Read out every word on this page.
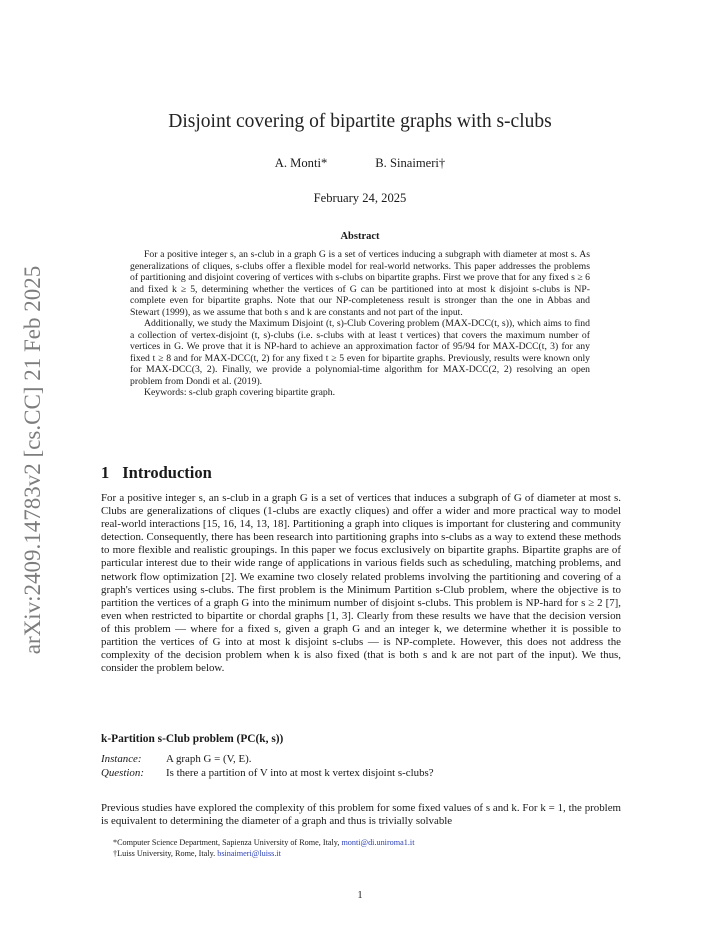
arXiv:2409.14783v2 [cs.CC] 21 Feb 2025
Disjoint covering of bipartite graphs with s-clubs
A. Monti*	B. Sinaimeri†
February 24, 2025
Abstract

For a positive integer s, an s-club in a graph G is a set of vertices inducing a subgraph with diameter at most s. As generalizations of cliques, s-clubs offer a flexible model for real-world networks. This paper addresses the problems of partitioning and disjoint covering of vertices with s-clubs on bipartite graphs. First we prove that for any fixed s ≥ 6 and fixed k ≥ 5, determining whether the vertices of G can be partitioned into at most k disjoint s-clubs is NP-complete even for bipartite graphs. Note that our NP-completeness result is stronger than the one in Abbas and Stewart (1999), as we assume that both s and k are constants and not part of the input.

Additionally, we study the Maximum Disjoint (t, s)-Club Covering problem (MAX-DCC(t, s)), which aims to find a collection of vertex-disjoint (t, s)-clubs (i.e. s-clubs with at least t vertices) that covers the maximum number of vertices in G. We prove that it is NP-hard to achieve an approximation factor of 95/94 for MAX-DCC(t, 3) for any fixed t ≥ 8 and for MAX-DCC(t, 2) for any fixed t ≥ 5 even for bipartite graphs. Previously, results were known only for MAX-DCC(3, 2). Finally, we provide a polynomial-time algorithm for MAX-DCC(2, 2) resolving an open problem from Dondi et al. (2019).

Keywords: s-club graph covering bipartite graph.

1 Introduction

For a positive integer s, an s-club in a graph G is a set of vertices that induces a subgraph of G of diameter at most s. Clubs are generalizations of cliques (1-clubs are exactly cliques) and offer a wider and more practical way to model real-world interactions [15, 16, 14, 13, 18]. Partitioning a graph into cliques is important for clustering and community detection. Consequently, there has been research into partitioning graphs into s-clubs as a way to extend these methods to more flexible and realistic groupings. In this paper we focus exclusively on bipartite graphs. Bipartite graphs are of particular interest due to their wide range of applications in various fields such as scheduling, matching problems, and network flow optimization [2]. We examine two closely related problems involving the partitioning and covering of a graph's vertices using s-clubs. The first problem is the Minimum Partition s-Club problem, where the objective is to partition the vertices of a graph G into the minimum number of disjoint s-clubs. This problem is NP-hard for s ≥ 2 [7], even when restricted to bipartite or chordal graphs [1, 3]. Clearly from these results we have that the decision version of this problem — where for a fixed s, given a graph G and an integer k, we determine whether it is possible to partition the vertices of G into at most k disjoint s-clubs — is NP-complete. However, this does not address the complexity of the decision problem when k is also fixed (that is both s and k are not part of the input). We thus, consider the problem below.

k-Partition s-Club problem (PC(k, s))
Instance:	A graph G = (V, E).
Question:	Is there a partition of V into at most k vertex disjoint s-clubs?

Previous studies have explored the complexity of this problem for some fixed values of s and k. For k = 1, the problem is equivalent to determining the diameter of a graph and thus is trivially solvable

*Computer Science Department, Sapienza University of Rome, Italy, monti@di.uniroma1.it
†Luiss University, Rome, Italy. bsinaimeri@luiss.it
1
